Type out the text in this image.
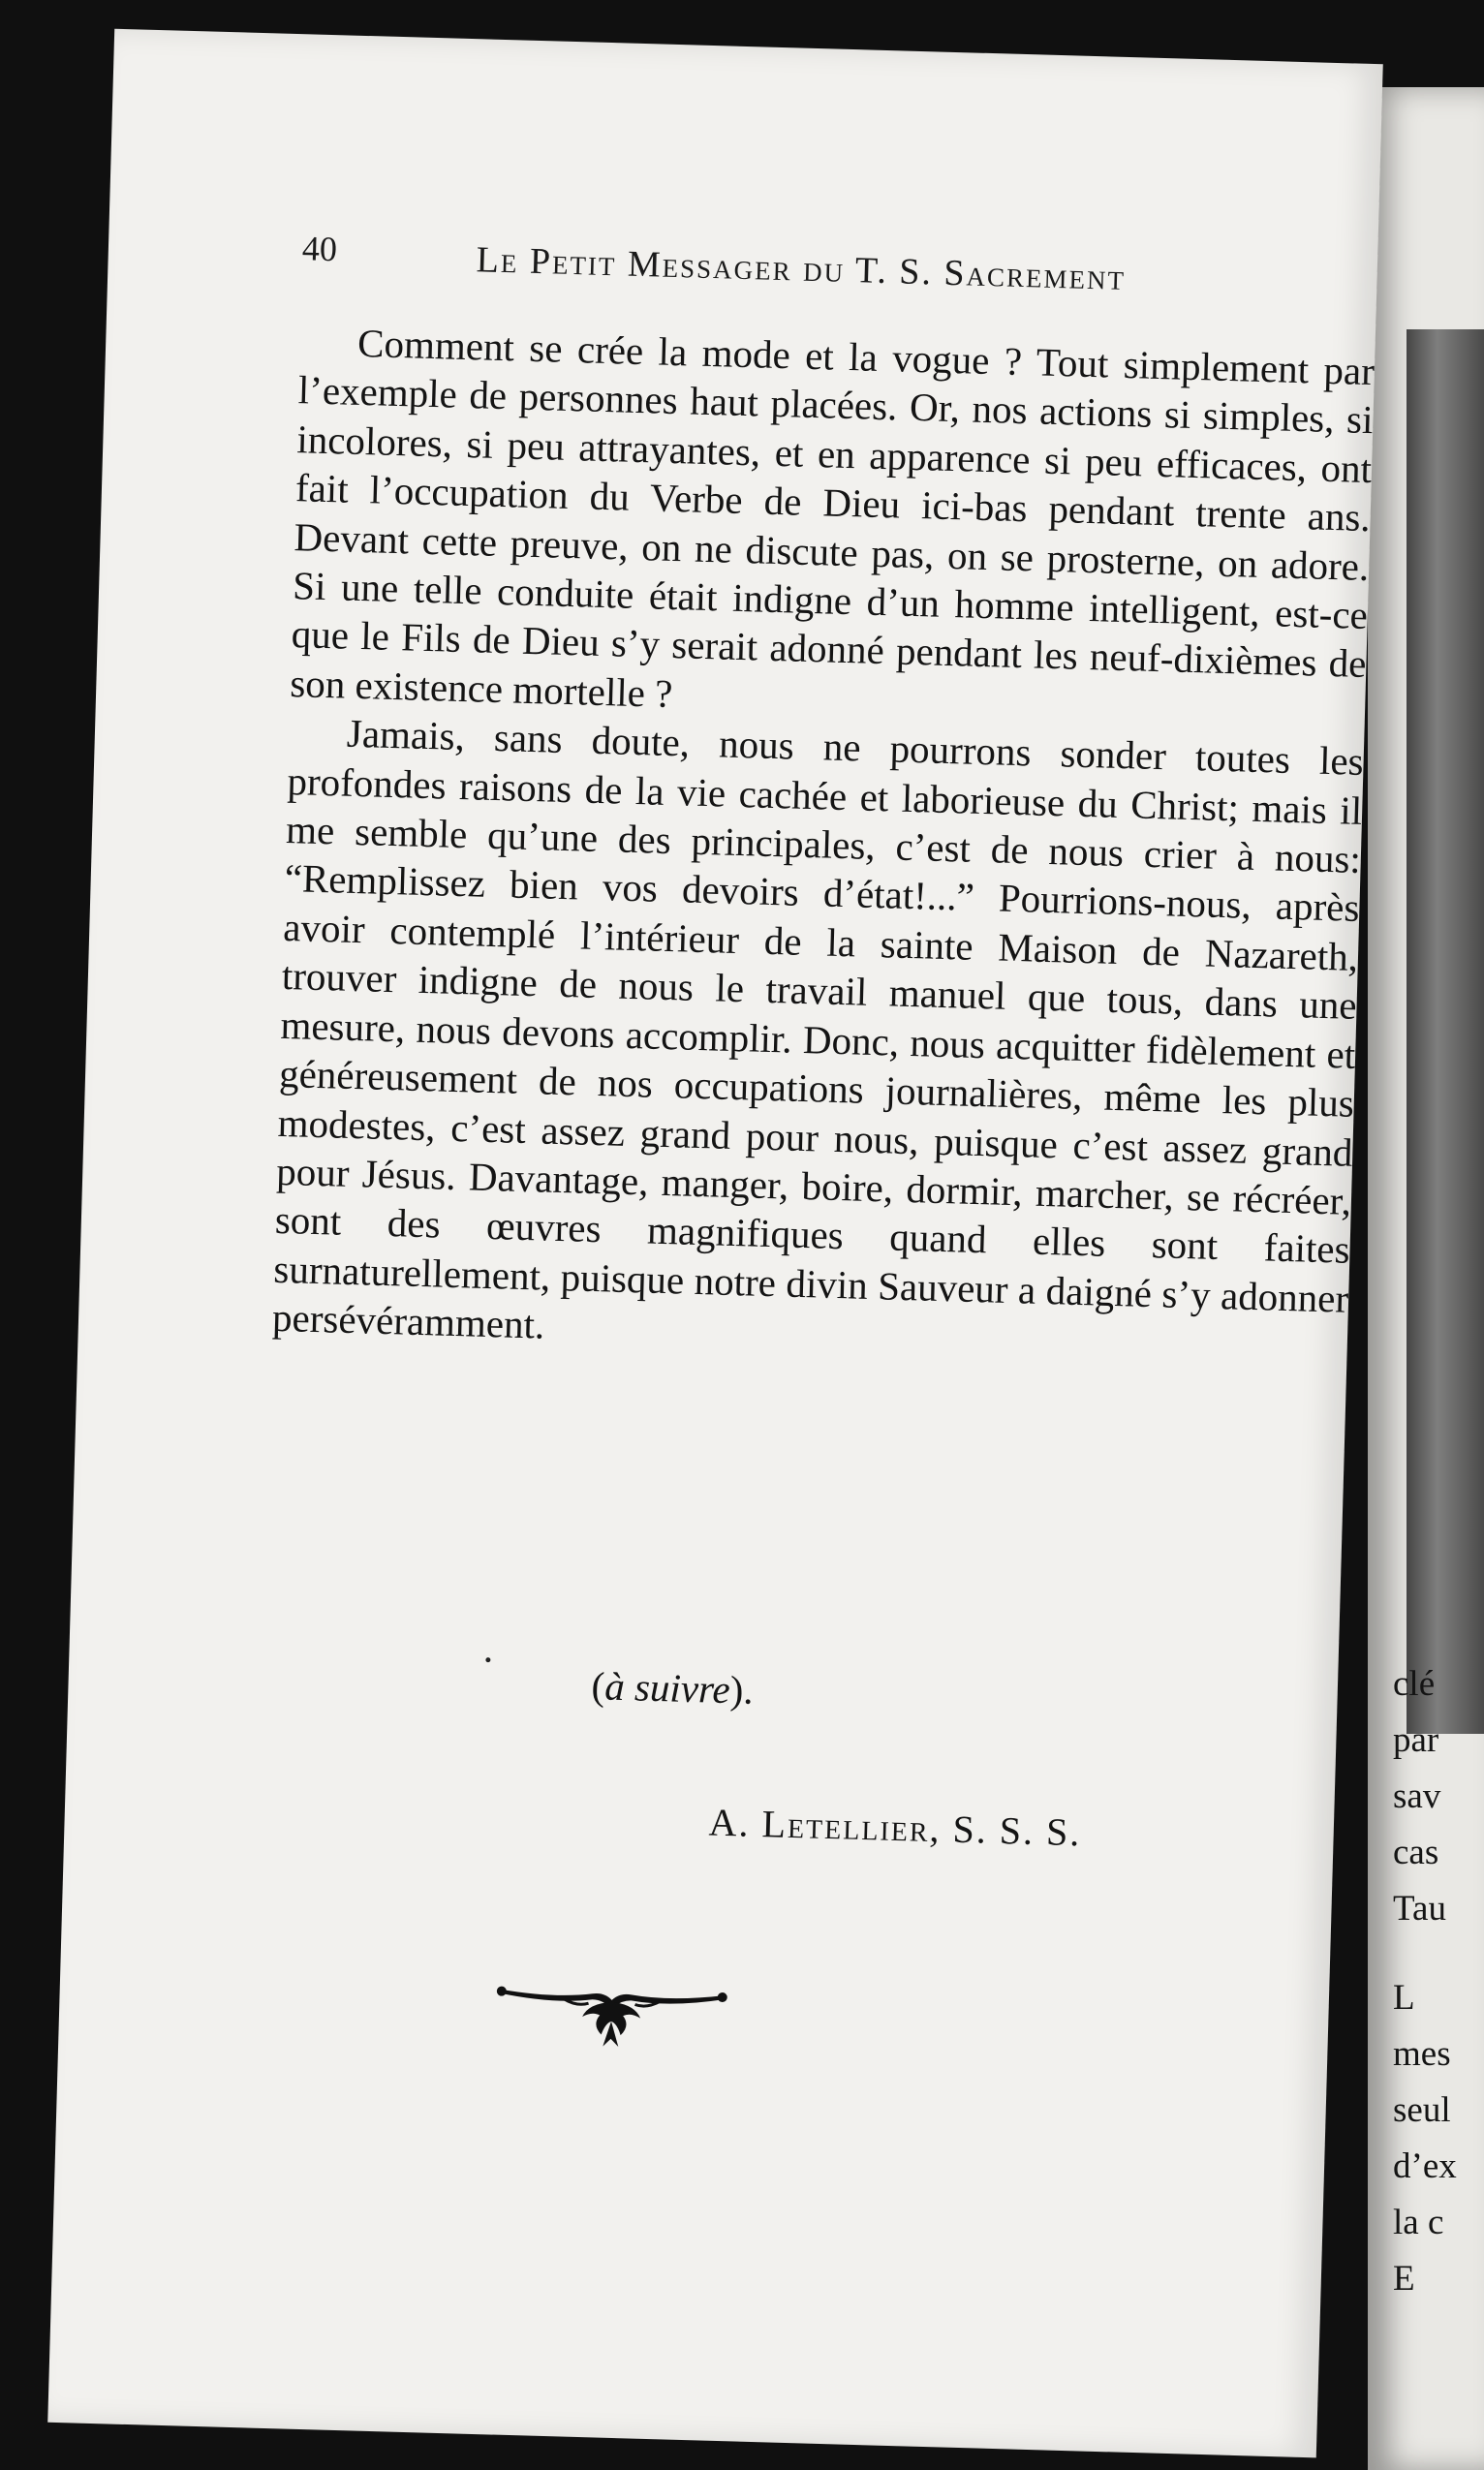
clé
par
sav
cas
Tau
L
mes
seul
d’ex
la c
E
40	Le Petit Messager du T. S. Sacrement

Comment se crée la mode et la vogue ? Tout simplement par l’exemple de personnes haut placées. Or, nos actions si simples, si incolores, si peu attrayantes, et en apparence si peu efficaces, ont fait l’occupation du Verbe de Dieu ici-bas pendant trente ans. Devant cette preuve, on ne discute pas, on se prosterne, on adore. Si une telle conduite était indigne d’un homme intelligent, est-ce que le Fils de Dieu s’y serait adonné pendant les neuf-dixièmes de son existence mortelle ?

Jamais, sans doute, nous ne pourrons sonder toutes les profondes raisons de la vie cachée et laborieuse du Christ; mais il me semble qu’une des principales, c’est de nous crier à nous: “Remplissez bien vos devoirs d’état!...” Pourrions-nous, après avoir contemplé l’intérieur de la sainte Maison de Nazareth, trouver indigne de nous le travail manuel que tous, dans une mesure, nous devons accomplir. Donc, nous acquitter fidèlement et généreusement de nos occupations journalières, même les plus modestes, c’est assez grand pour nous, puisque c’est assez grand pour Jésus. Davantage, manger, boire, dormir, marcher, se récréer, sont des œuvres magnifiques quand elles sont faites surnaturellement, puisque notre divin Sauveur a daigné s’y adonner persévéramment.

(à suivre).
A. Letellier, S. S. S.
